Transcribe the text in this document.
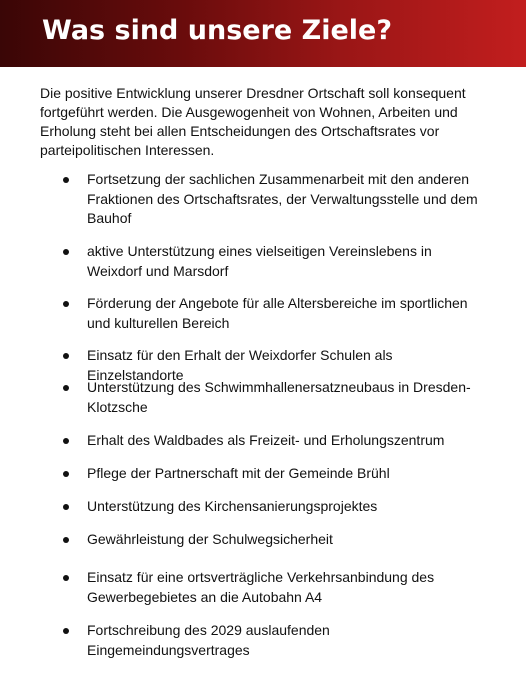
Was sind unsere Ziele?

Die positive Entwicklung unserer Dresdner Ortschaft soll konsequent fortgeführt werden. Die Ausgewogenheit von Wohnen, Arbeiten und Erholung steht bei allen Entscheidungen des Ortschaftsrates vor parteipolitischen Interessen.

Fortsetzung der sachlichen Zusammenarbeit mit den anderen Fraktionen des Ortschaftsrates, der Verwaltungsstelle und dem Bauhof
aktive Unterstützung eines vielseitigen Vereinslebens in Weixdorf und Marsdorf
Förderung der Angebote für alle Altersbereiche im sportlichen und kulturellen Bereich
Einsatz für den Erhalt der Weixdorfer Schulen als Einzelstandorte
Unterstützung des Schwimmhallenersatzneubaus in Dresden-Klotzsche
Erhalt des Waldbades als Freizeit- und Erholungszentrum
Pflege der Partnerschaft mit der Gemeinde Brühl
Unterstützung des Kirchensanierungsprojektes
Gewährleistung der Schulwegsicherheit
Einsatz für eine ortsverträgliche Verkehrsanbindung des Gewerbegebietes an die Autobahn A4
Fortschreibung des 2029 auslaufenden Eingemeindungsvertrages
